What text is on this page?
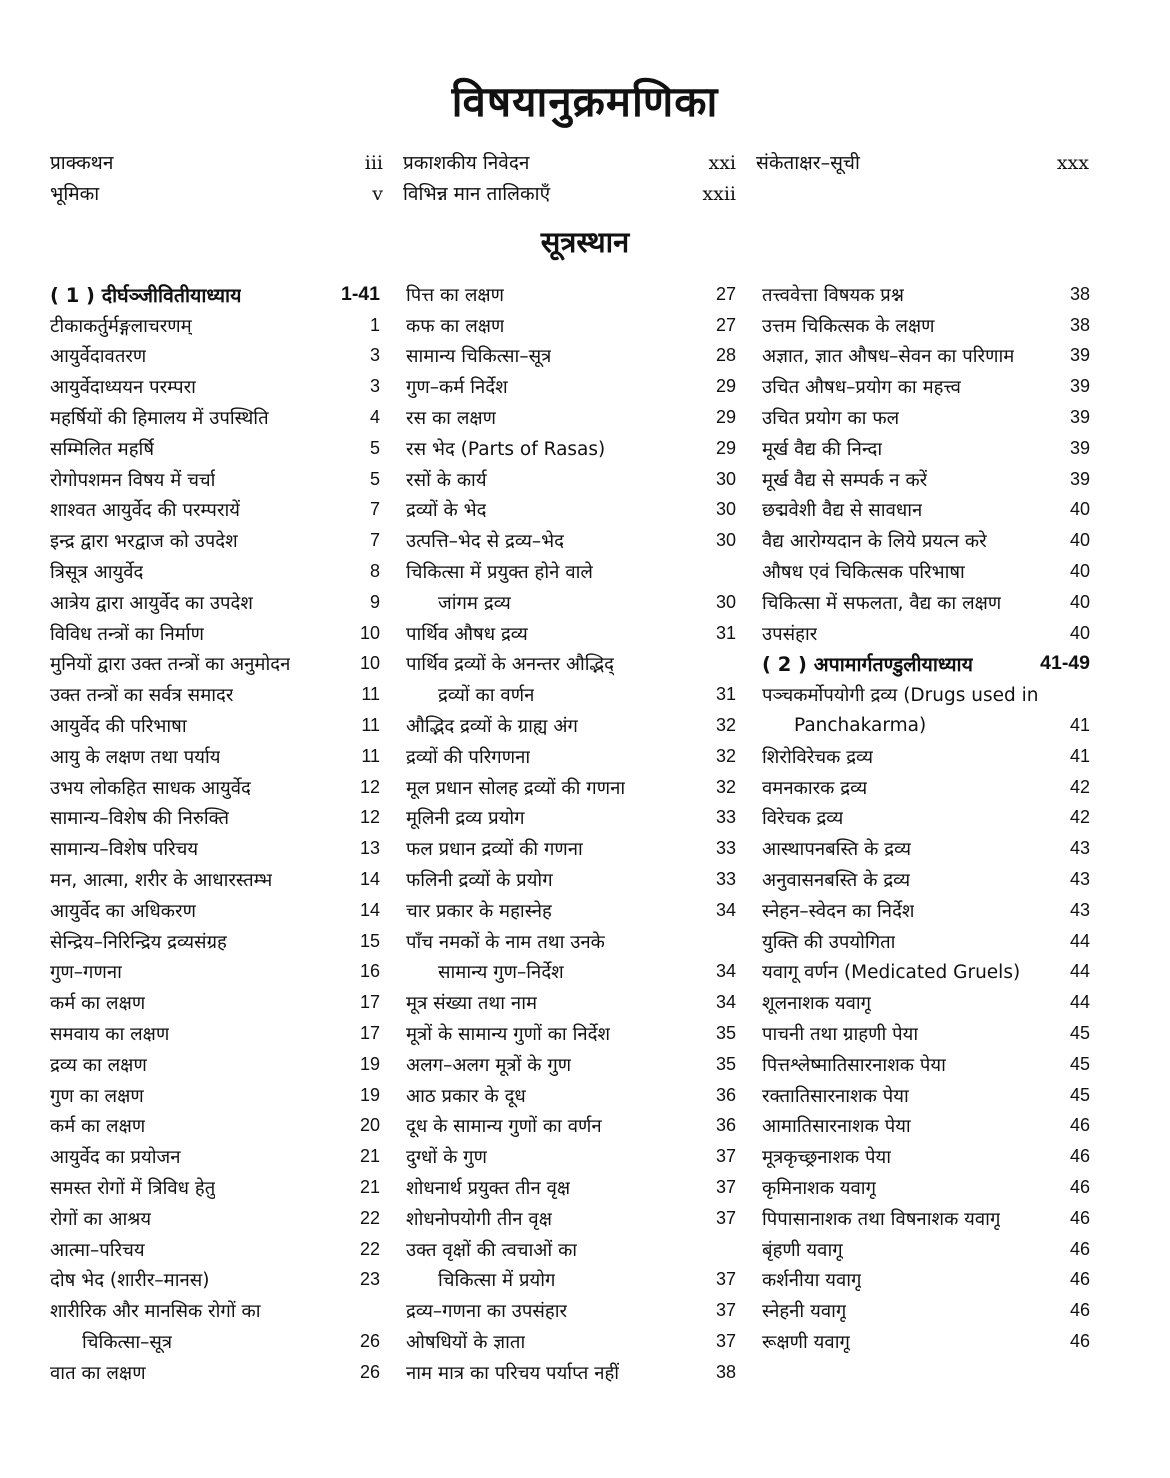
विषयानुक्रमणिका
प्राक्कथन	iii
भूमिका	v
प्रकाशकीय निवेदन	xxi
विभिन्न मान तालिकाएँ	xxii
संकेताक्षर–सूची	xxx
सूत्रस्थान
( 1 ) दीर्घञ्जीवितीयाध्याय	1-41
टीकाकर्तुर्मङ्गलाचरणम्	1
आयुर्वेदावतरण	3
आयुर्वेदाध्ययन परम्परा	3
महर्षियों की हिमालय में उपस्थिति	4
सम्मिलित महर्षि	5
रोगोपशमन विषय में चर्चा	5
शाश्वत आयुर्वेद की परम्परायें	7
इन्द्र द्वारा भरद्वाज को उपदेश	7
त्रिसूत्र आयुर्वेद	8
आत्रेय द्वारा आयुर्वेद का उपदेश	9
विविध तन्त्रों का निर्माण	10
मुनियों द्वारा उक्त तन्त्रों का अनुमोदन	10
उक्त तन्त्रों का सर्वत्र समादर	11
आयुर्वेद की परिभाषा	11
आयु के लक्षण तथा पर्याय	11
उभय लोकहित साधक आयुर्वेद	12
सामान्य–विशेष की निरुक्ति	12
सामान्य–विशेष परिचय	13
मन, आत्मा, शरीर के आधारस्तम्भ	14
आयुर्वेद का अधिकरण	14
सेन्द्रिय–निरिन्द्रिय द्रव्यसंग्रह	15
गुण–गणना	16
कर्म का लक्षण	17
समवाय का लक्षण	17
द्रव्य का लक्षण	19
गुण का लक्षण	19
कर्म का लक्षण	20
आयुर्वेद का प्रयोजन	21
समस्त रोगों में त्रिविध हेतु	21
रोगों का आश्रय	22
आत्मा–परिचय	22
दोष भेद (शारीर–मानस)	23
शारीरिक और मानसिक रोगों का
चिकित्सा–सूत्र	26
वात का लक्षण	26
पित्त का लक्षण	27
कफ का लक्षण	27
सामान्य चिकित्सा–सूत्र	28
गुण–कर्म निर्देश	29
रस का लक्षण	29
रस भेद (Parts of Rasas)	29
रसों के कार्य	30
द्रव्यों के भेद	30
उत्पत्ति–भेद से द्रव्य–भेद	30
चिकित्सा में प्रयुक्त होने वाले
जांगम द्रव्य	30
पार्थिव औषध द्रव्य	31
पार्थिव द्रव्यों के अनन्तर औद्भिद्
द्रव्यों का वर्णन	31
औद्भिद द्रव्यों के ग्राह्य अंग	32
द्रव्यों की परिगणना	32
मूल प्रधान सोलह द्रव्यों की गणना	32
मूलिनी द्रव्य प्रयोग	33
फल प्रधान द्रव्यों की गणना	33
फलिनी द्रव्यों के प्रयोग	33
चार प्रकार के महास्नेह	34
पाँच नमकों के नाम तथा उनके
सामान्य गुण–निर्देश	34
मूत्र संख्या तथा नाम	34
मूत्रों के सामान्य गुणों का निर्देश	35
अलग–अलग मूत्रों के गुण	35
आठ प्रकार के दूध	36
दूध के सामान्य गुणों का वर्णन	36
दुग्धों के गुण	37
शोधनार्थ प्रयुक्त तीन वृक्ष	37
शोधनोपयोगी तीन वृक्ष	37
उक्त वृक्षों की त्वचाओं का
चिकित्सा में प्रयोग	37
द्रव्य–गणना का उपसंहार	37
ओषधियों के ज्ञाता	37
नाम मात्र का परिचय पर्याप्त नहीं	38
तत्त्ववेत्ता विषयक प्रश्न	38
उत्तम चिकित्सक के लक्षण	38
अज्ञात, ज्ञात औषध–सेवन का परिणाम	39
उचित औषध–प्रयोग का महत्त्व	39
उचित प्रयोग का फल	39
मूर्ख वैद्य की निन्दा	39
मूर्ख वैद्य से सम्पर्क न करें	39
छद्मवेशी वैद्य से सावधान	40
वैद्य आरोग्यदान के लिये प्रयत्न करे	40
औषध एवं चिकित्सक परिभाषा	40
चिकित्सा में सफलता, वैद्य का लक्षण	40
उपसंहार	40
( 2 ) अपामार्गतण्डुलीयाध्याय	41-49
पञ्चकर्मोपयोगी द्रव्य (Drugs used in
Panchakarma)	41
शिरोविरेचक द्रव्य	41
वमनकारक द्रव्य	42
विरेचक द्रव्य	42
आस्थापनबस्ति के द्रव्य	43
अनुवासनबस्ति के द्रव्य	43
स्नेहन–स्वेदन का निर्देश	43
युक्ति की उपयोगिता	44
यवागू वर्णन (Medicated Gruels)	44
शूलनाशक यवागू	44
पाचनी तथा ग्राहणी पेया	45
पित्तश्लेष्मातिसारनाशक पेया	45
रक्तातिसारनाशक पेया	45
आमातिसारनाशक पेया	46
मूत्रकृच्छ्रनाशक पेया	46
कृमिनाशक यवागू	46
पिपासानाशक तथा विषनाशक यवागू	46
बृंहणी यवागू	46
कर्शनीया यवागू	46
स्नेहनी यवागू	46
रूक्षणी यवागू	46
